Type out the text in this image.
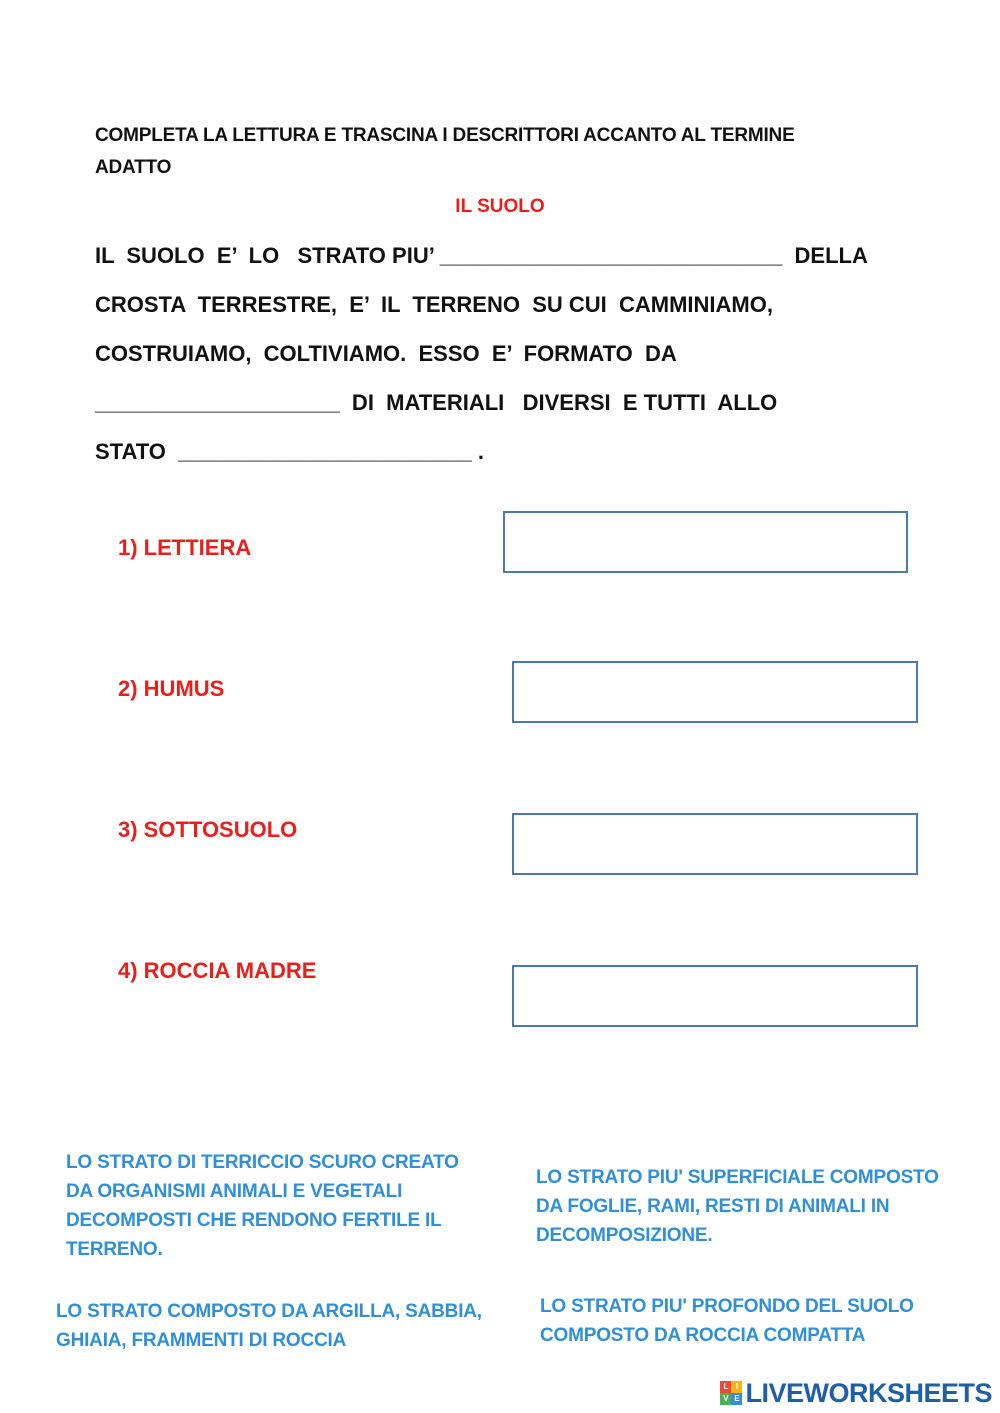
COMPLETA LA LETTURA E TRASCINA I DESCRITTORI ACCANTO AL TERMINE ADATTO
IL SUOLO
IL  SUOLO  E’  LO   STRATO PIU’ ____________________________  DELLA
CROSTA  TERRESTRE,  E’  IL  TERRENO  SU CUI  CAMMINIAMO,
COSTRUIAMO,  COLTIVIAMO.  ESSO  E’  FORMATO  DA
____________________  DI  MATERIALI   DIVERSI  E TUTTI  ALLO
STATO  ________________________ .
1) LETTIERA
2) HUMUS
3) SOTTOSUOLO
4) ROCCIA MADRE
LO STRATO DI TERRICCIO SCURO CREATO DA ORGANISMI ANIMALI E VEGETALI DECOMPOSTI CHE RENDONO FERTILE IL TERRENO.
LO STRATO PIU' SUPERFICIALE COMPOSTO DA FOGLIE, RAMI, RESTI DI ANIMALI IN DECOMPOSIZIONE.
LO STRATO COMPOSTO DA ARGILLA, SABBIA, GHIAIA, FRAMMENTI DI ROCCIA
LO STRATO PIU' PROFONDO DEL SUOLO COMPOSTO DA ROCCIA COMPATTA
L I
V E LIVEWORKSHEETS
